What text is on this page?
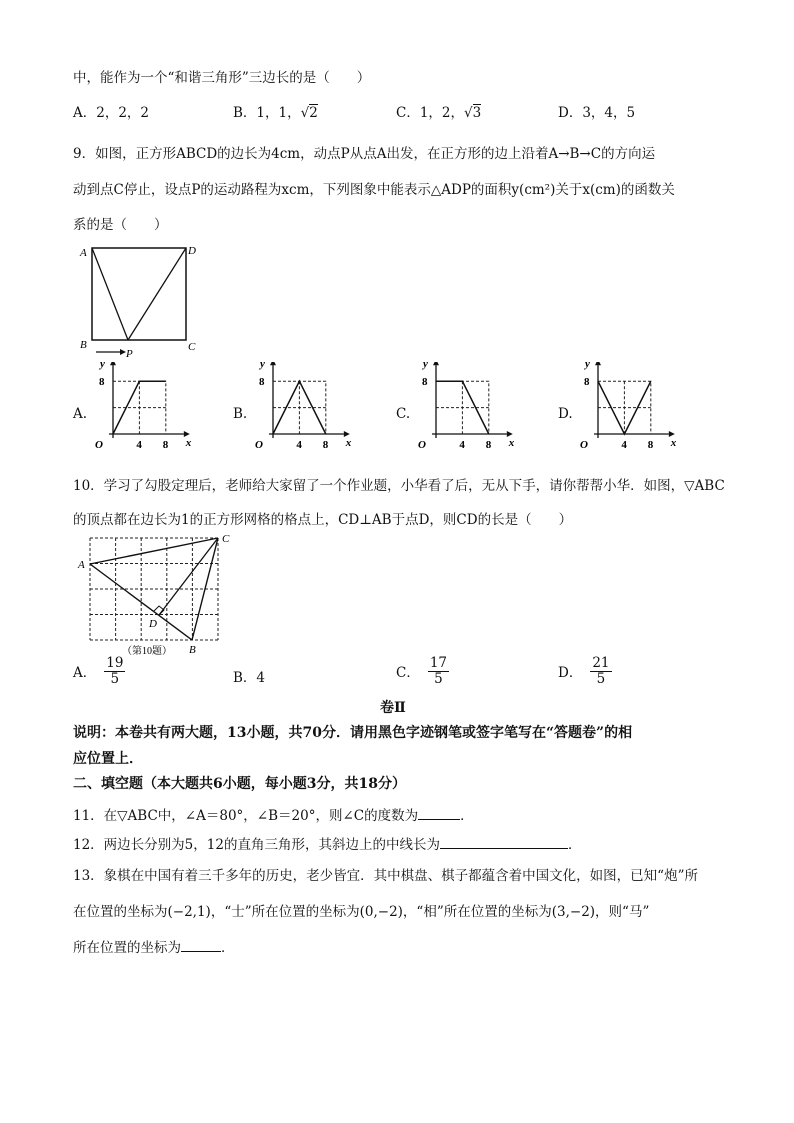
中，能作为一个“和谐三角形”三边长的是（　　）
A．2，2，2	B．1，1，√2	C．1，2，√3	D．3，4，5
9．如图，正方形ABCD的边长为4cm，动点P从点A出发，在正方形的边上沿着A→B→C的方向运
动到点C停止，设点P的运动路程为xcm，下列图象中能表示△ADP的面积y(cm²)关于x(cm)的函数关
系的是（　　）
A	D
B	C
P
A.	B.	C.	D.
y
x
O
8
4 8
y
x
O
8
4 8
y
x
O
8
4 8
y
x
O
8
4 8
10．学习了勾股定理后，老师给大家留了一个作业题，小华看了后，无从下手，请你帮帮小华．如图，▽ABC
的顶点都在边长为1的正方形网格的格点上，CD⊥AB于点D，则CD的长是（　　）
（第10题）
A
C
B
D
A． $\frac{19}{5}$	B．4	C． $\frac{17}{5}$	D． $\frac{21}{5}$
卷Ⅱ
说明：本卷共有两大题，13小题，共70分．请用黑色字迹钢笔或签字笔写在“答题卷”的相
应位置上．
二、填空题（本大题共6小题，每小题3分，共18分）
11．在▽ABC中，∠A＝80°，∠B＝20°，则∠C的度数为	．
12．两边长分别为5，12的直角三角形，其斜边上的中线长为	．
13．象棋在中国有着三千多年的历史，老少皆宜．其中棋盘、棋子都蕴含着中国文化，如图，已知“炮”所
在位置的坐标为(−2,1)，“士”所在位置的坐标为(0,−2)，“相”所在位置的坐标为(3,−2)，则“马”
所在位置的坐标为	．
